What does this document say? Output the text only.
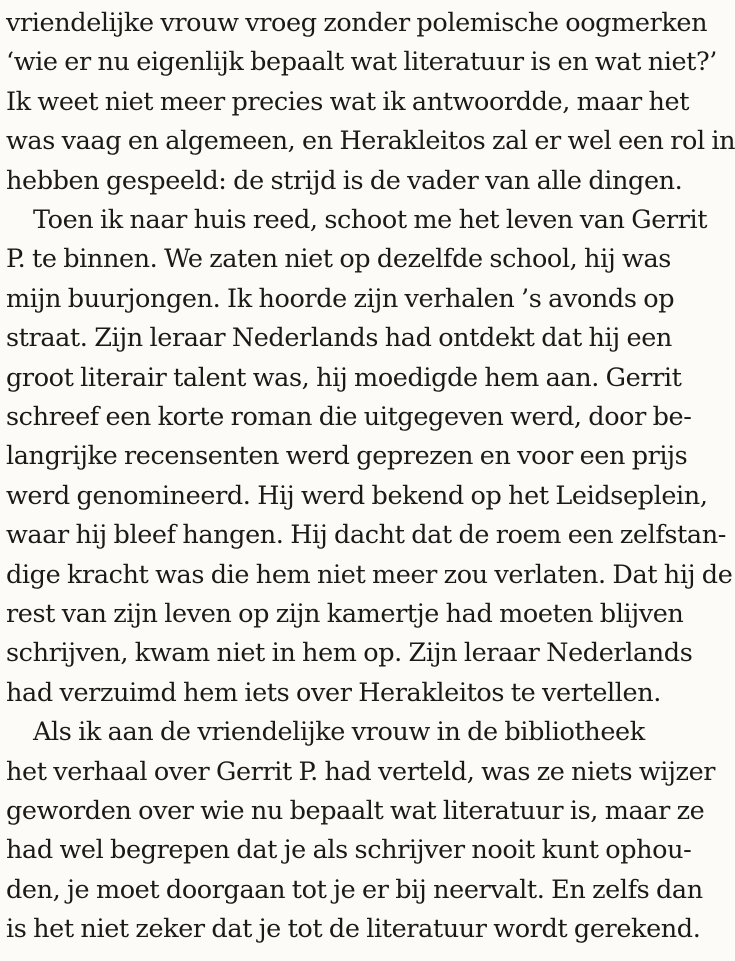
vriendelijke vrouw vroeg zonder polemische oogmerken
‘wie er nu eigenlijk bepaalt wat literatuur is en wat niet?’
Ik weet niet meer precies wat ik antwoordde, maar het
was vaag en algemeen, en Herakleitos zal er wel een rol in
hebben gespeeld: de strijd is de vader van alle dingen.
Toen ik naar huis reed, schoot me het leven van Gerrit
P. te binnen. We zaten niet op dezelfde school, hij was
mijn buurjongen. Ik hoorde zijn verhalen ’s avonds op
straat. Zijn leraar Nederlands had ontdekt dat hij een
groot literair talent was, hij moedigde hem aan. Gerrit
schreef een korte roman die uitgegeven werd, door be-
langrijke recensenten werd geprezen en voor een prijs
werd genomineerd. Hij werd bekend op het Leidseplein,
waar hij bleef hangen. Hij dacht dat de roem een zelfstan-
dige kracht was die hem niet meer zou verlaten. Dat hij de
rest van zijn leven op zijn kamertje had moeten blijven
schrijven, kwam niet in hem op. Zijn leraar Nederlands
had verzuimd hem iets over Herakleitos te vertellen.
Als ik aan de vriendelijke vrouw in de bibliotheek
het verhaal over Gerrit P. had verteld, was ze niets wijzer
geworden over wie nu bepaalt wat literatuur is, maar ze
had wel begrepen dat je als schrijver nooit kunt ophou-
den, je moet doorgaan tot je er bij neervalt. En zelfs dan
is het niet zeker dat je tot de literatuur wordt gerekend.
